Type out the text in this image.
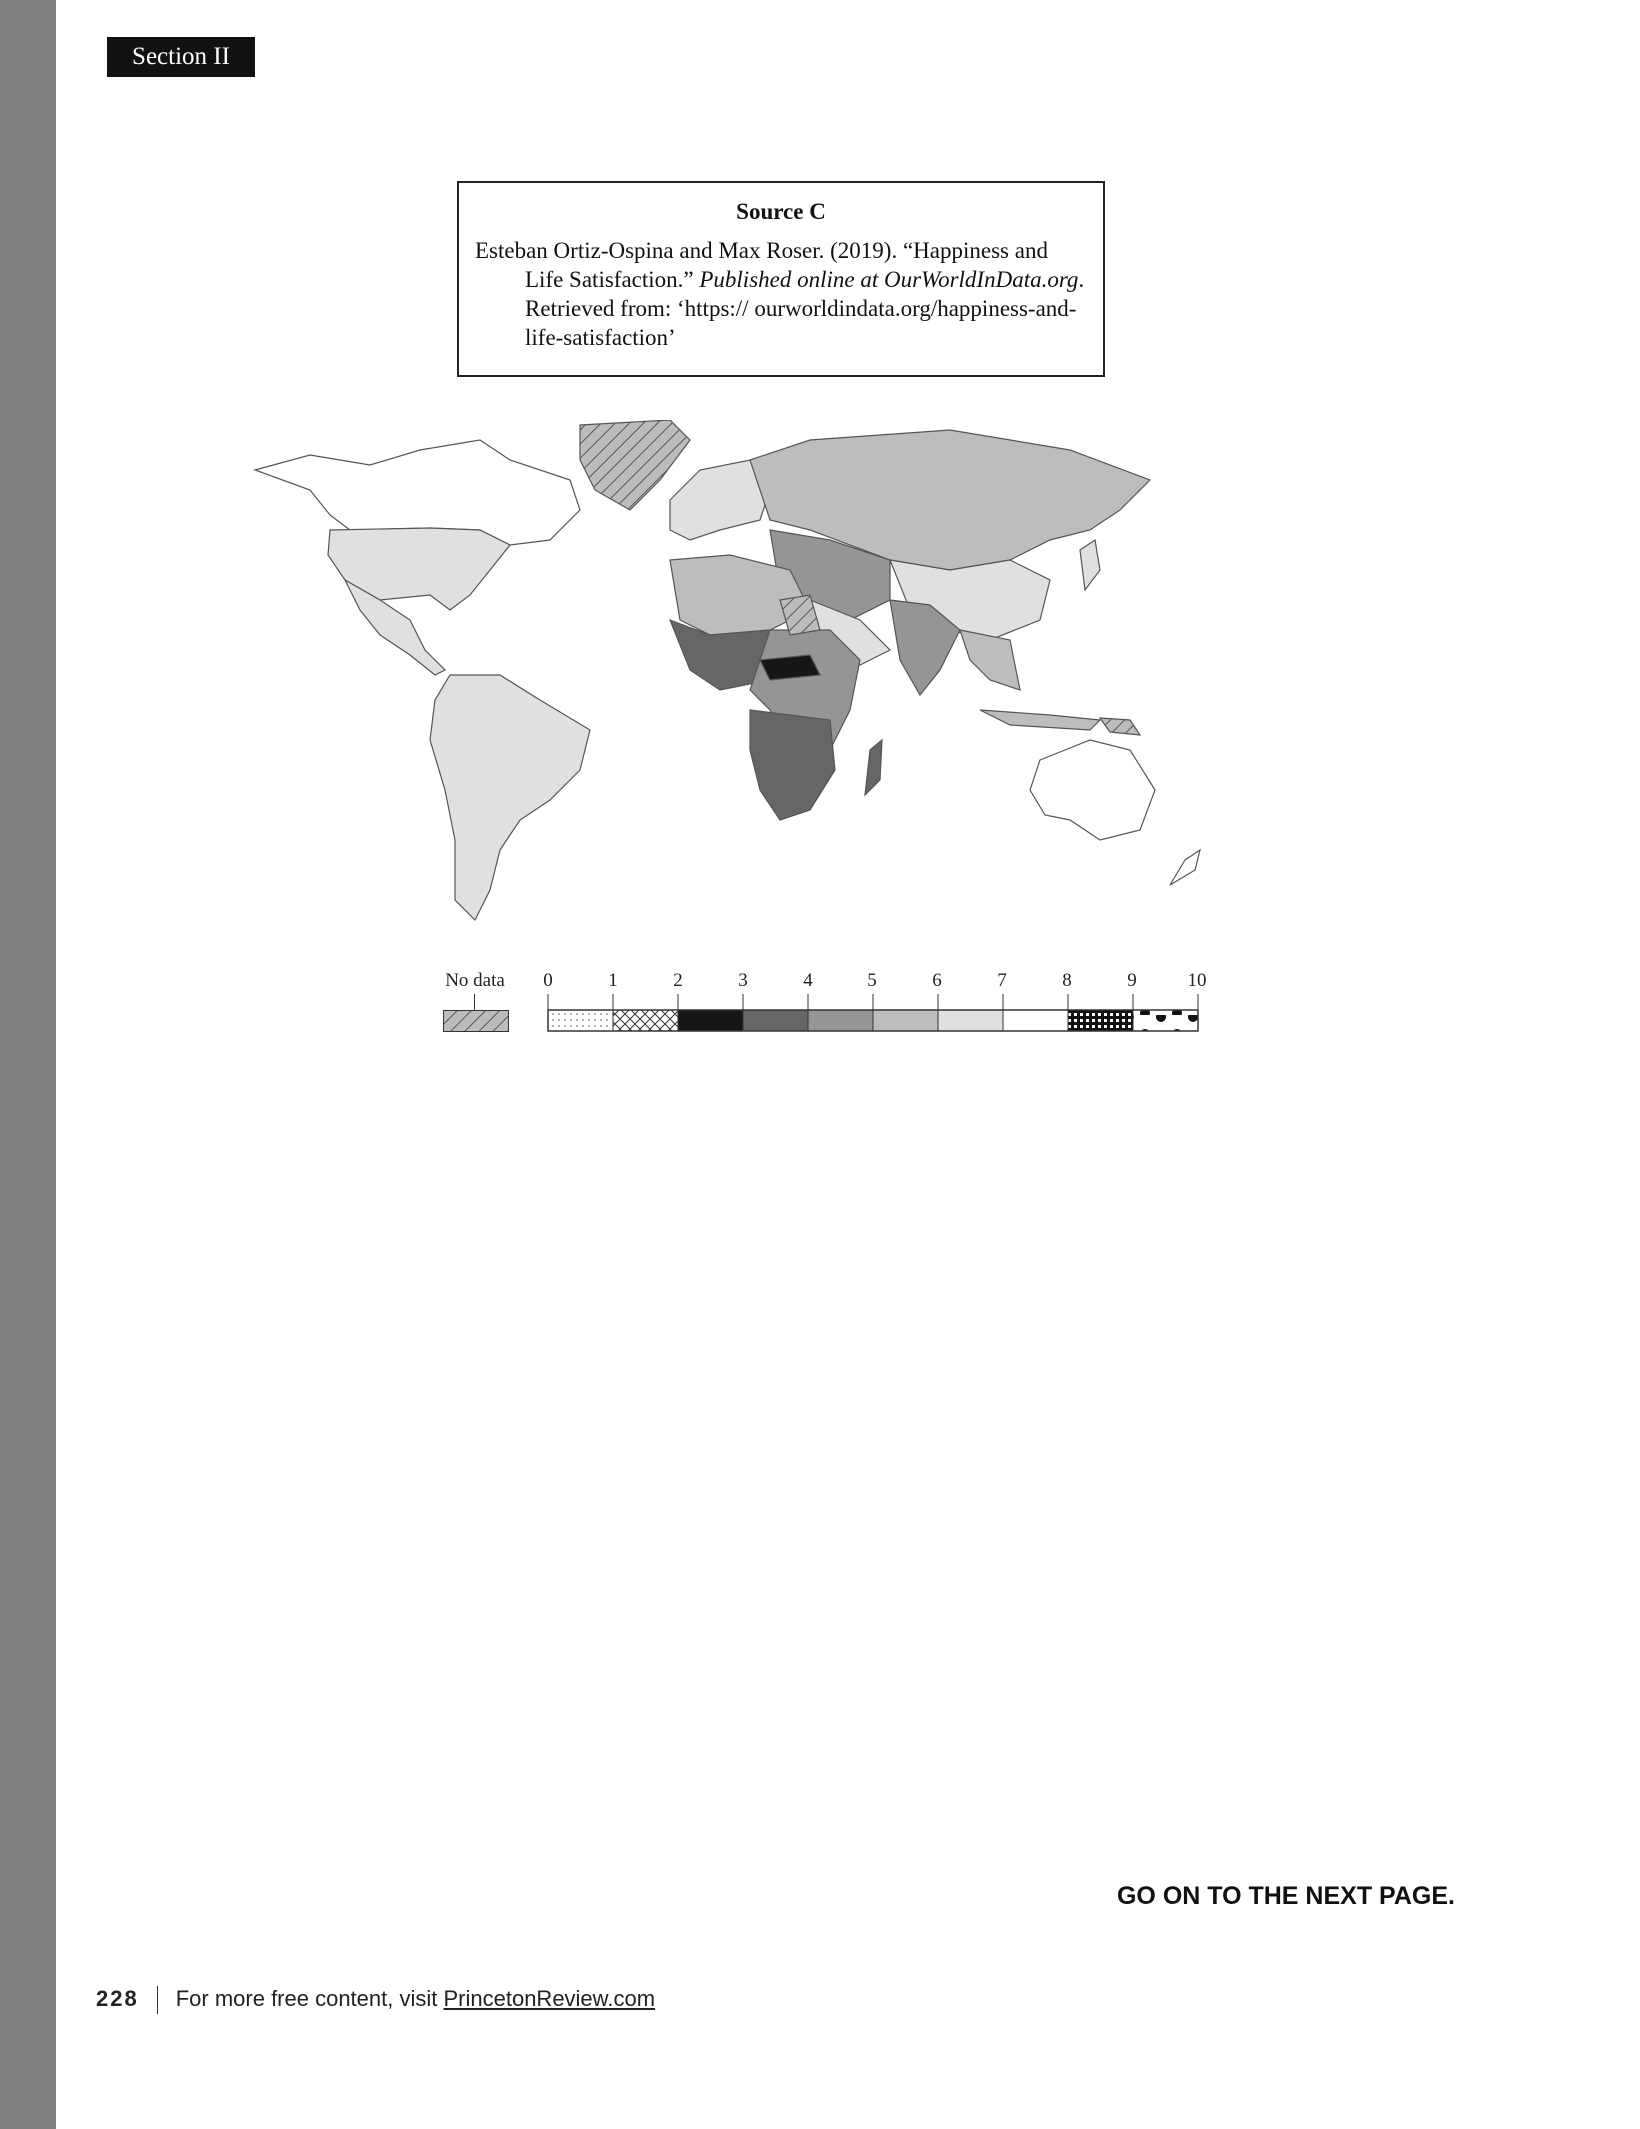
Section II
Source C
Esteban Ortiz-Ospina and Max Roser. (2019). “Happiness and Life Satisfaction.” Published online at OurWorldInData.org. Retrieved from: ‘https:// ourworldindata.org/happiness-and-life-satisfaction’
No data 0	1	2	3	4	5	6	7	8	9	10
GO ON TO THE NEXT PAGE.
228 For more free content, visit PrincetonReview.com
